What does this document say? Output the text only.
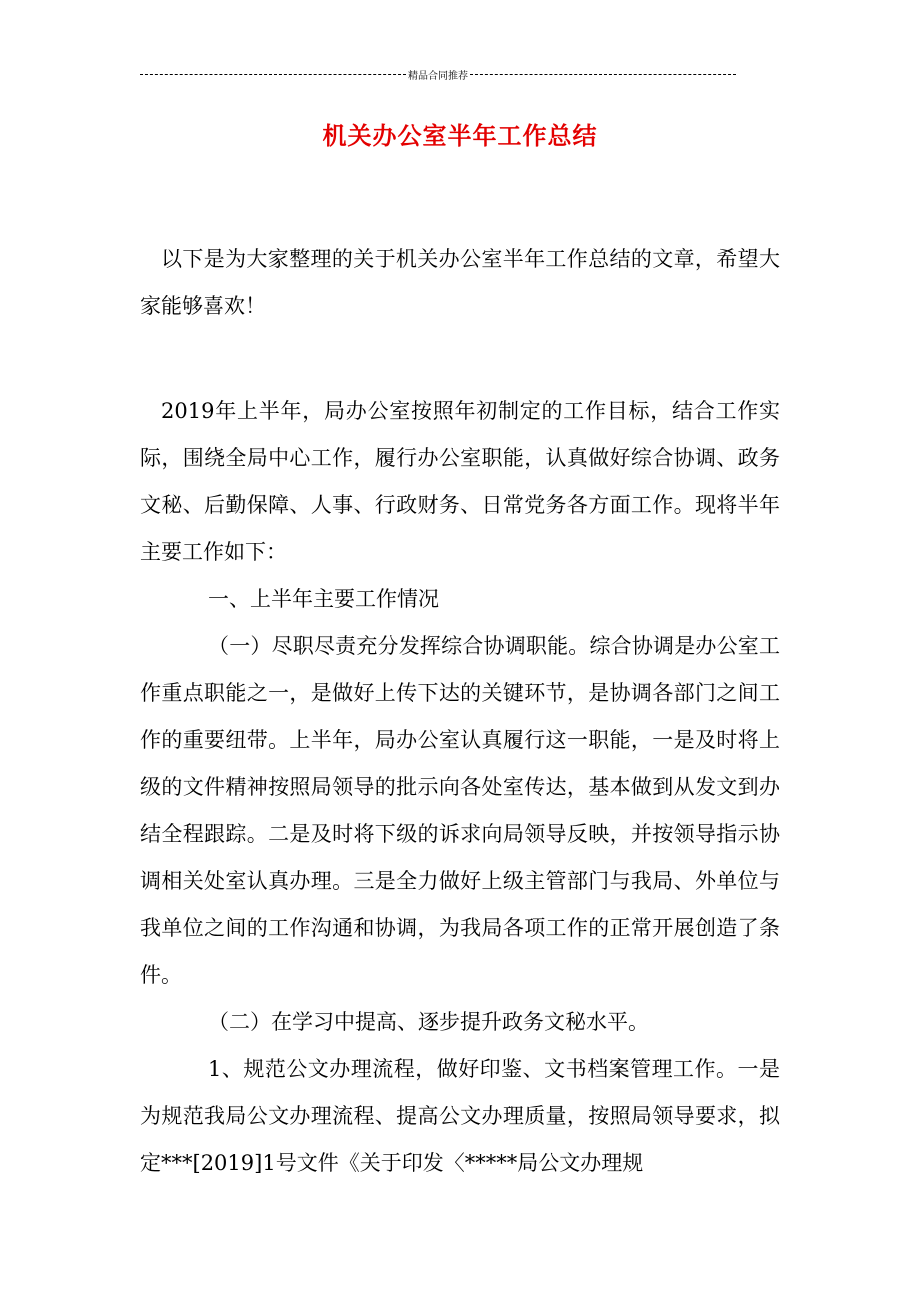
精品合同推荐
机关办公室半年工作总结

以下是为大家整理的关于机关办公室半年工作总结的文章，希望大家能够喜欢！

2019年上半年，局办公室按照年初制定的工作目标，结合工作实际，围绕全局中心工作，履行办公室职能，认真做好综合协调、政务文秘、后勤保障、人事、行政财务、日常党务各方面工作。现将半年主要工作如下：

一、上半年主要工作情况

（一）尽职尽责充分发挥综合协调职能。综合协调是办公室工作重点职能之一，是做好上传下达的关键环节，是协调各部门之间工作的重要纽带。上半年，局办公室认真履行这一职能，一是及时将上级的文件精神按照局领导的批示向各处室传达，基本做到从发文到办结全程跟踪。二是及时将下级的诉求向局领导反映，并按领导指示协调相关处室认真办理。三是全力做好上级主管部门与我局、外单位与我单位之间的工作沟通和协调，为我局各项工作的正常开展创造了条件。

（二）在学习中提高、逐步提升政务文秘水平。

1、规范公文办理流程，做好印鉴、文书档案管理工作。一是为规范我局公文办理流程、提高公文办理质量，按照局领导要求，拟定***[2019]1号文件《关于印发〈*****局公文办理规
